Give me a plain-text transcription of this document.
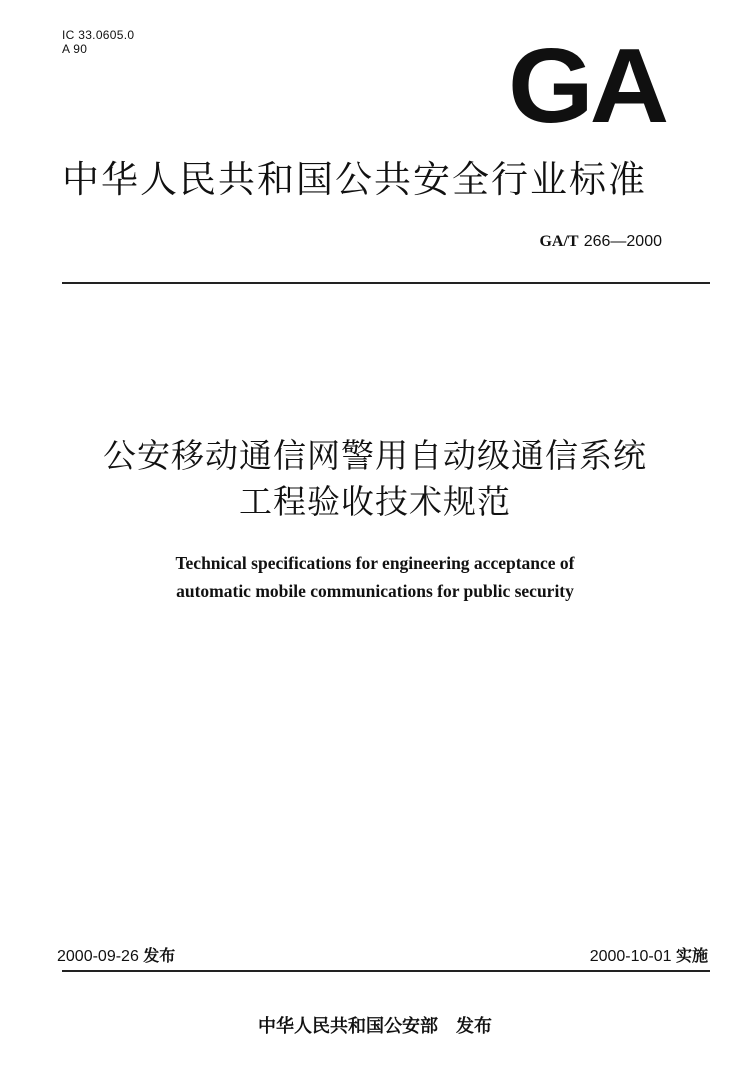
IC 33.0605.0
A 90	GA
中华人民共和国公共安全行业标准
GA/T 266—2000
公安移动通信网警用自动级通信系统
工程验收技术规范
Technical specifications for engineering acceptance of
automatic mobile communications for public security
2000-09-26 发布	2000-10-01 实施
中华人民共和国公安部 发布
